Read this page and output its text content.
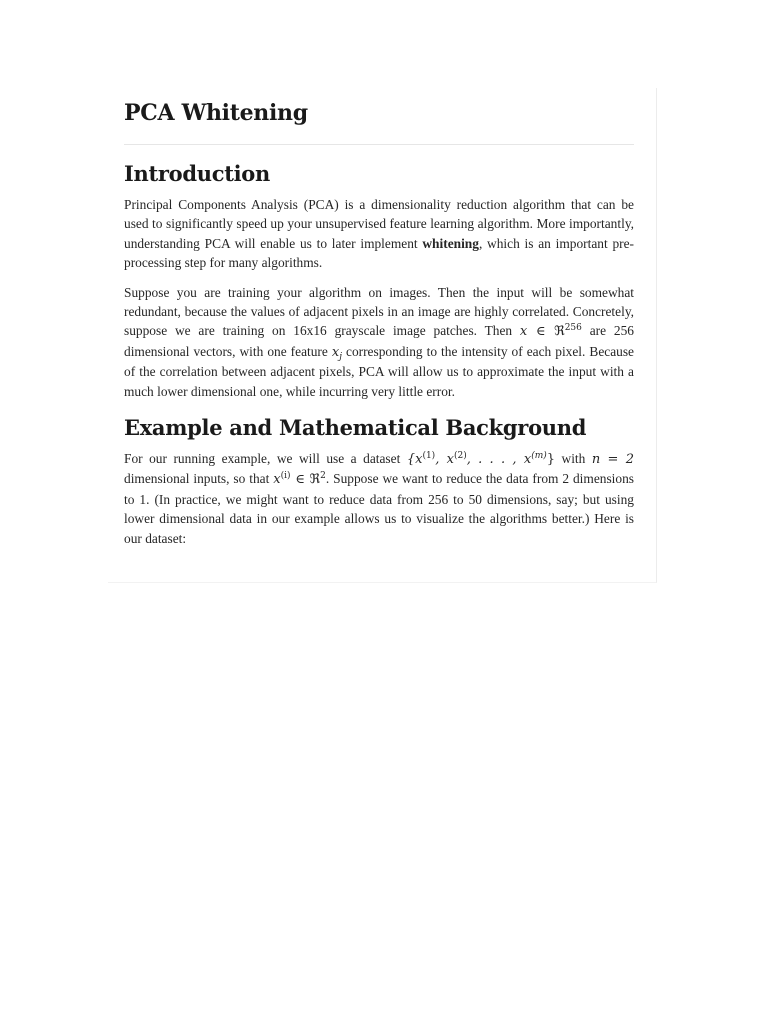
PCA Whitening
Introduction

Principal Components Analysis (PCA) is a dimensionality reduction algorithm that can be used to significantly speed up your unsupervised feature learning algorithm. More importantly, understanding PCA will enable us to later implement whitening, which is an important pre-processing step for many algorithms.

Suppose you are training your algorithm on images. Then the input will be somewhat redundant, because the values of adjacent pixels in an image are highly correlated. Concretely, suppose we are training on 16x16 grayscale image patches. Then x ∈ ℜ$^{256}$ are 256 dimensional vectors, with one feature $x_j$ corresponding to the intensity of each pixel. Because of the correlation between adjacent pixels, PCA will allow us to approximate the input with a much lower dimensional one, while incurring very little error.

Example and Mathematical Background

For our running example, we will use a dataset {$x^{(1)}$, $x^{(2)}$, . . . , $x^{(m)}$} with n = 2 dimensional inputs, so that $x^{(i)}$ ∈ ℜ$^2$. Suppose we want to reduce the data from 2 dimensions to 1. (In practice, we might want to reduce data from 256 to 50 dimensions, say; but using lower dimensional data in our example allows us to visualize the algorithms better.) Here is our dataset:
